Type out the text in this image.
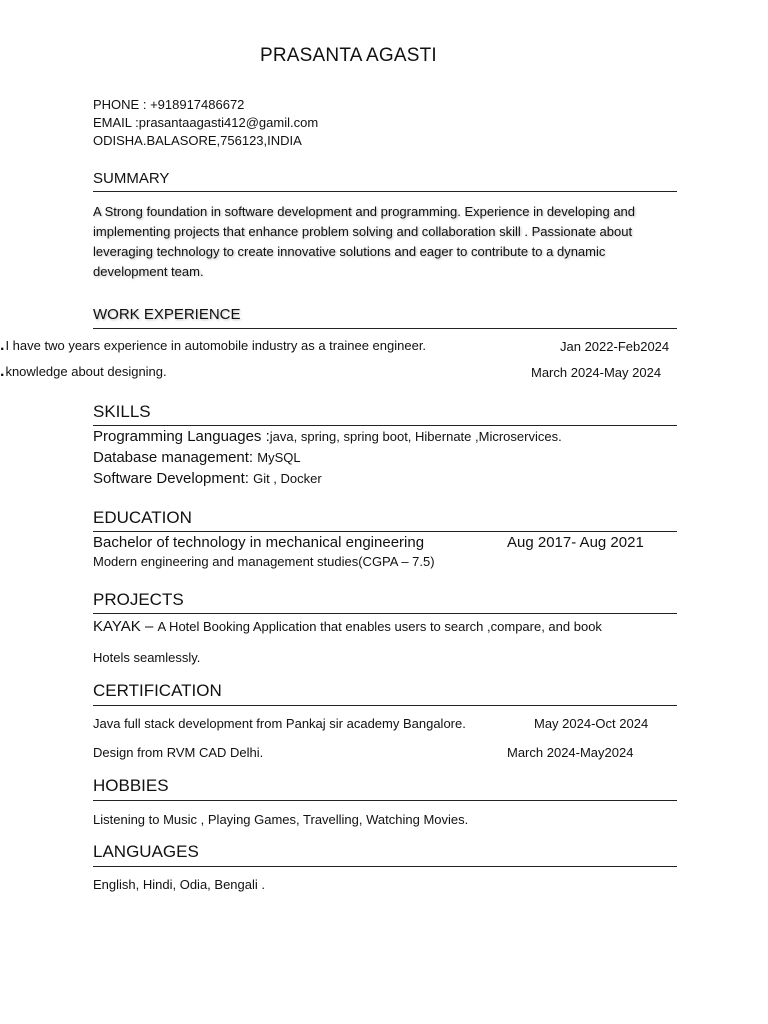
PRASANTA AGASTI
PHONE : +918917486672
EMAIL :prasantaagasti412@gamil.com
ODISHA.BALASORE,756123,INDIA
SUMMARY
A Strong foundation in software development and programming. Experience in developing and implementing projects that enhance problem solving and collaboration skill . Passionate about leveraging technology to create innovative solutions and eager to contribute to a dynamic development team.
WORK EXPERIENCE
.I have two years experience in automobile industry as a trainee engineer.	Jan 2022-Feb2024
.knowledge about designing.	March 2024-May 2024
SKILLS
Programming Languages :java, spring, spring boot, Hibernate ,Microservices.
Database management: MySQL
Software Development: Git , Docker
EDUCATION
Bachelor of technology in mechanical engineering	Aug 2017- Aug 2021
Modern engineering and management studies(CGPA – 7.5)
PROJECTS
KAYAK – A Hotel Booking Application that enables users to search ,compare, and book
Hotels seamlessly.
CERTIFICATION
Java full stack development from Pankaj sir academy Bangalore.	May 2024-Oct 2024
Design from RVM CAD Delhi.	March 2024-May2024
HOBBIES
Listening to Music , Playing Games, Travelling, Watching Movies.
LANGUAGES
English, Hindi, Odia, Bengali .
